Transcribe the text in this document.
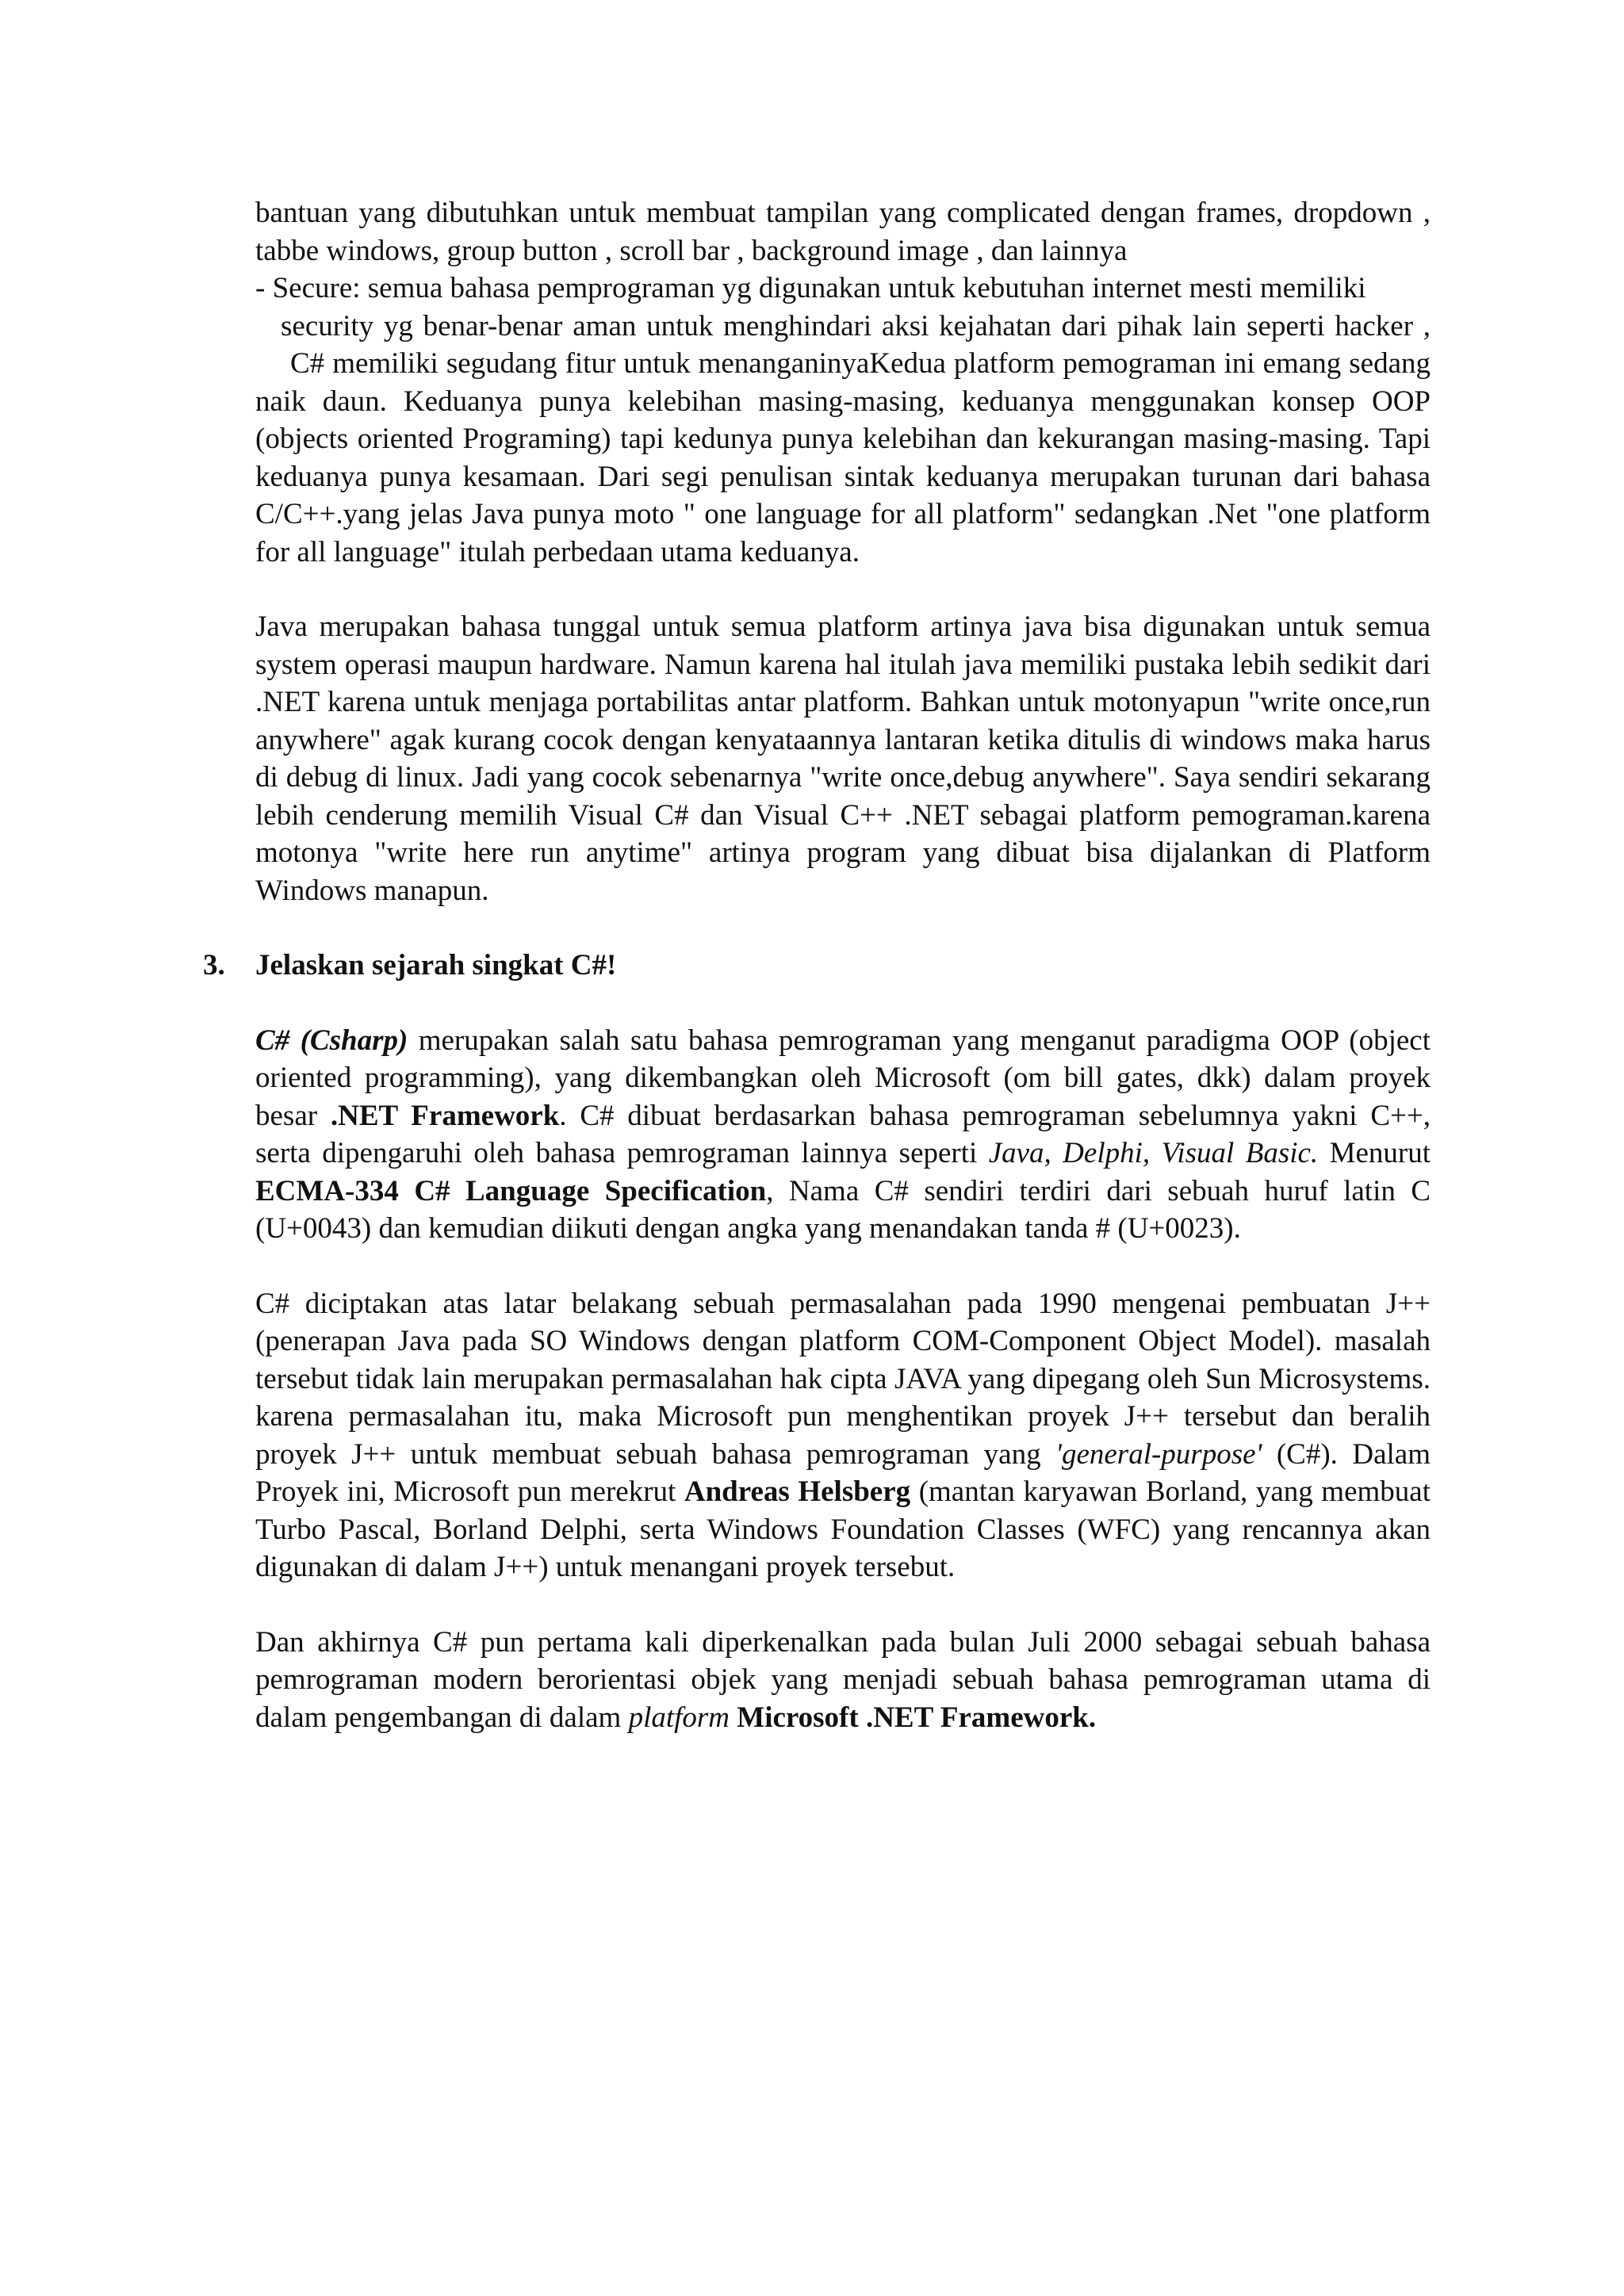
bantuan yang dibutuhkan untuk membuat tampilan yang complicated dengan frames, dropdown , tabbe windows, group button , scroll bar , background image , dan lainnya

- Secure: semua bahasa pemprograman yg digunakan untuk kebutuhan internet mesti memiliki

security yg benar-benar aman untuk menghindari aksi kejahatan dari pihak lain seperti hacker ,

C# memiliki segudang fitur untuk menanganinyaKedua platform pemograman ini emang sedang naik daun. Keduanya punya kelebihan masing-masing, keduanya menggunakan konsep OOP (objects oriented Programing) tapi kedunya punya kelebihan dan kekurangan masing-masing. Tapi keduanya punya kesamaan. Dari segi penulisan sintak keduanya merupakan turunan dari bahasa C/C++.yang jelas Java punya moto " one language for all platform" sedangkan .Net "one platform for all language" itulah perbedaan utama keduanya.

Java merupakan bahasa tunggal untuk semua platform artinya java bisa digunakan untuk semua system operasi maupun hardware. Namun karena hal itulah java memiliki pustaka lebih sedikit dari .NET karena untuk menjaga portabilitas antar platform. Bahkan untuk motonyapun "write once,run anywhere" agak kurang cocok dengan kenyataannya lantaran ketika ditulis di windows maka harus di debug di linux. Jadi yang cocok sebenarnya "write once,debug anywhere". Saya sendiri sekarang lebih cenderung memilih Visual C# dan Visual C++ .NET sebagai platform pemograman.karena motonya "write here run anytime" artinya program yang dibuat bisa dijalankan di Platform Windows manapun.

3. Jelaskan sejarah singkat C#!

C# (Csharp) merupakan salah satu bahasa pemrograman yang menganut paradigma OOP (object oriented programming), yang dikembangkan oleh Microsoft (om bill gates, dkk) dalam proyek besar .NET Framework. C# dibuat berdasarkan bahasa pemrograman sebelumnya yakni C++, serta dipengaruhi oleh bahasa pemrograman lainnya seperti Java, Delphi, Visual Basic. Menurut ECMA-334 C# Language Specification, Nama C# sendiri terdiri dari sebuah huruf latin C (U+0043) dan kemudian diikuti dengan angka yang menandakan tanda # (U+0023).

C# diciptakan atas latar belakang sebuah permasalahan pada 1990 mengenai pembuatan J++ (penerapan Java pada SO Windows dengan platform COM-Component Object Model). masalah tersebut tidak lain merupakan permasalahan hak cipta JAVA yang dipegang oleh Sun Microsystems. karena permasalahan itu, maka Microsoft pun menghentikan proyek J++ tersebut dan beralih proyek J++ untuk membuat sebuah bahasa pemrograman yang 'general-purpose' (C#). Dalam Proyek ini, Microsoft pun merekrut Andreas Helsberg (mantan karyawan Borland, yang membuat Turbo Pascal, Borland Delphi, serta Windows Foundation Classes (WFC) yang rencannya akan digunakan di dalam J++) untuk menangani proyek tersebut.

Dan akhirnya C# pun pertama kali diperkenalkan pada bulan Juli 2000 sebagai sebuah bahasa pemrograman modern berorientasi objek yang menjadi sebuah bahasa pemrograman utama di dalam pengembangan di dalam platform Microsoft .NET Framework.
